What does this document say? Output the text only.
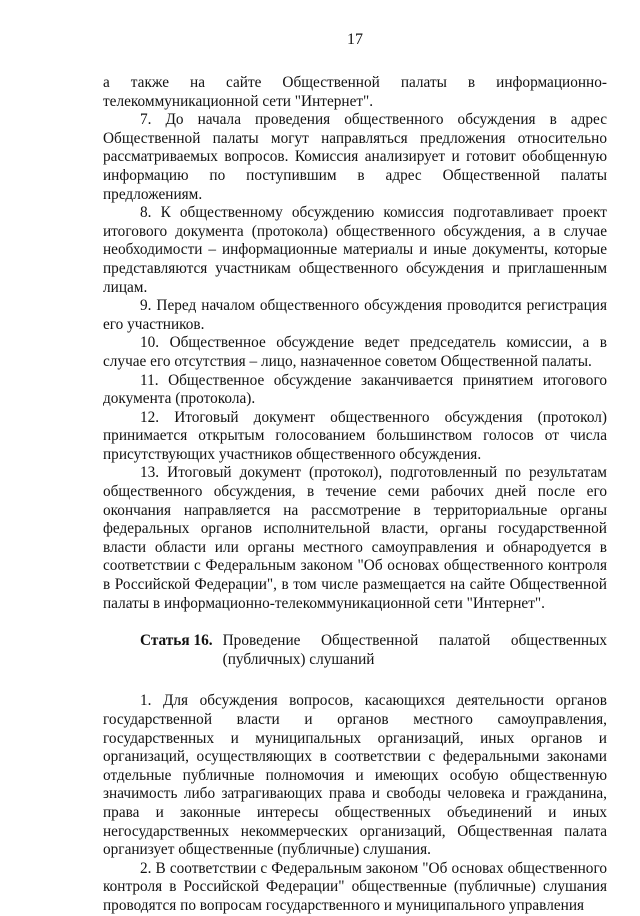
17

а также на сайте Общественной палаты в информационно-телекоммуникационной сети "Интернет".

7. До начала проведения общественного обсуждения в адрес Общественной палаты могут направляться предложения относительно рассматриваемых вопросов. Комиссия анализирует и готовит обобщенную информацию по поступившим в адрес Общественной палаты предложениям.

8. К общественному обсуждению комиссия подготавливает проект итогового документа (протокола) общественного обсуждения, а в случае необходимости – информационные материалы и иные документы, которые представляются участникам общественного обсуждения и приглашенным лицам.

9. Перед началом общественного обсуждения проводится регистрация его участников.

10. Общественное обсуждение ведет председатель комиссии, а в случае его отсутствия – лицо, назначенное советом Общественной палаты.

11. Общественное обсуждение заканчивается принятием итогового документа (протокола).

12. Итоговый документ общественного обсуждения (протокол) принимается открытым голосованием большинством голосов от числа присутствующих участников общественного обсуждения.

13. Итоговый документ (протокол), подготовленный по результатам общественного обсуждения, в течение семи рабочих дней после его окончания направляется на рассмотрение в территориальные органы федеральных органов исполнительной власти, органы государственной власти области или органы местного самоуправления и обнародуется в соответствии с Федеральным законом "Об основах общественного контроля в Российской Федерации", в том числе размещается на сайте Общественной палаты в информационно-телекоммуникационной сети "Интернет".

Статья 16. Проведение Общественной палатой общественных (публичных) слушаний

1. Для обсуждения вопросов, касающихся деятельности органов государственной власти и органов местного самоуправления, государственных и муниципальных организаций, иных органов и организаций, осуществляющих в соответствии с федеральными законами отдельные публичные полномочия и имеющих особую общественную значимость либо затрагивающих права и свободы человека и гражданина, права и законные интересы общественных объединений и иных негосударственных некоммерческих организаций, Общественная палата организует общественные (публичные) слушания.

2. В соответствии с Федеральным законом "Об основах общественного контроля в Российской Федерации" общественные (публичные) слушания проводятся по вопросам государственного и муниципального управления
